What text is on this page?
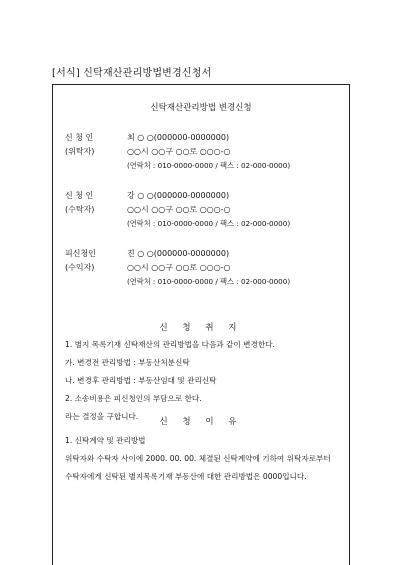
[서식] 신탁재산관리방법변경신청서
신탁재산관리방법 변경신청
신 청 인	최 ○ ○(000000-0000000)
(위탁자)	○○시 ○○구 ○○로 ○○○-○
(연락처 : 010-0000-0000 / 팩스 : 02-000-0000)
신 청 인	강 ○ ○(000000-0000000)
(수탁자)	○○시 ○○구 ○○로 ○○○-○
(연락처 : 010-0000-0000 / 팩스 : 02-000-0000)
피신청인	진 ○ ○(000000-0000000)
(수익자)	○○시 ○○구 ○○로 ○○○-○
(연락처 : 010-0000-0000 / 팩스 : 02-000-0000)
신 청 취 지
1. 별지 목록기재 신탁재산의 관리방법을 다음과 같이 변경한다.
가. 변경전 관리방법 : 부동산처분신탁
나. 변경후 관리방법 : 부동산임대 및 관리신탁
2. 소송비용은 피신청인의 부담으로 한다.
라는 결정을 구합니다.
신 청 이 유
1. 신탁계약 및 관리방법
위탁자와 수탁자 사이에 2000. 00. 00. 체결된 신탁계약에 기하여 위탁자로부터
수탁자에게 신탁된 별지목록기재 부동산에 대한 관리방법은 0000입니다.
